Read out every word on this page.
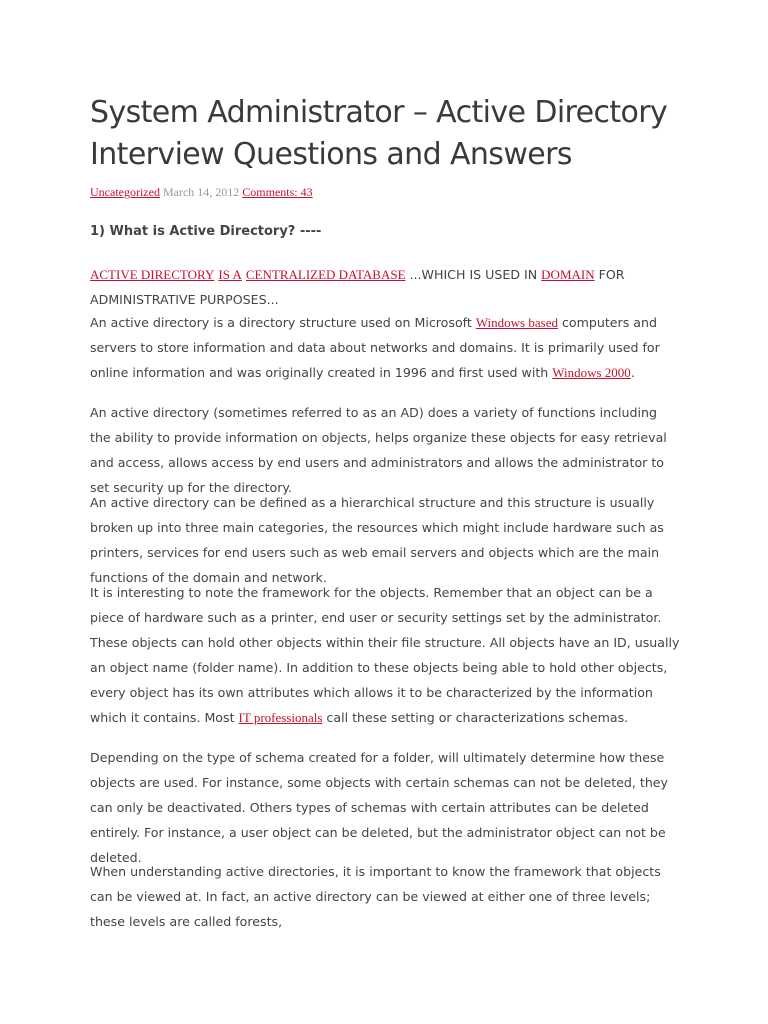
System Administrator – Active Directory Interview Questions and Answers
Uncategorized March 14, 2012 Comments: 43

1) What is Active Directory? ----

ACTIVE DIRECTORY IS A CENTRALIZED DATABASE ...WHICH IS USED IN DOMAIN FOR ADMINISTRATIVE PURPOSES...

An active directory is a directory structure used on Microsoft Windows based computers and servers to store information and data about networks and domains. It is primarily used for online information and was originally created in 1996 and first used with Windows 2000.

An active directory (sometimes referred to as an AD) does a variety of functions including the ability to provide information on objects, helps organize these objects for easy retrieval and access, allows access by end users and administrators and allows the administrator to set security up for the directory.

An active directory can be defined as a hierarchical structure and this structure is usually broken up into three main categories, the resources which might include hardware such as printers, services for end users such as web email servers and objects which are the main functions of the domain and network.

It is interesting to note the framework for the objects. Remember that an object can be a piece of hardware such as a printer, end user or security settings set by the administrator. These objects can hold other objects within their file structure. All objects have an ID, usually an object name (folder name). In addition to these objects being able to hold other objects, every object has its own attributes which allows it to be characterized by the information which it contains. Most IT professionals call these setting or characterizations schemas.

Depending on the type of schema created for a folder, will ultimately determine how these objects are used. For instance, some objects with certain schemas can not be deleted, they can only be deactivated. Others types of schemas with certain attributes can be deleted entirely. For instance, a user object can be deleted, but the administrator object can not be deleted.

When understanding active directories, it is important to know the framework that objects can be viewed at. In fact, an active directory can be viewed at either one of three levels; these levels are called forests,
